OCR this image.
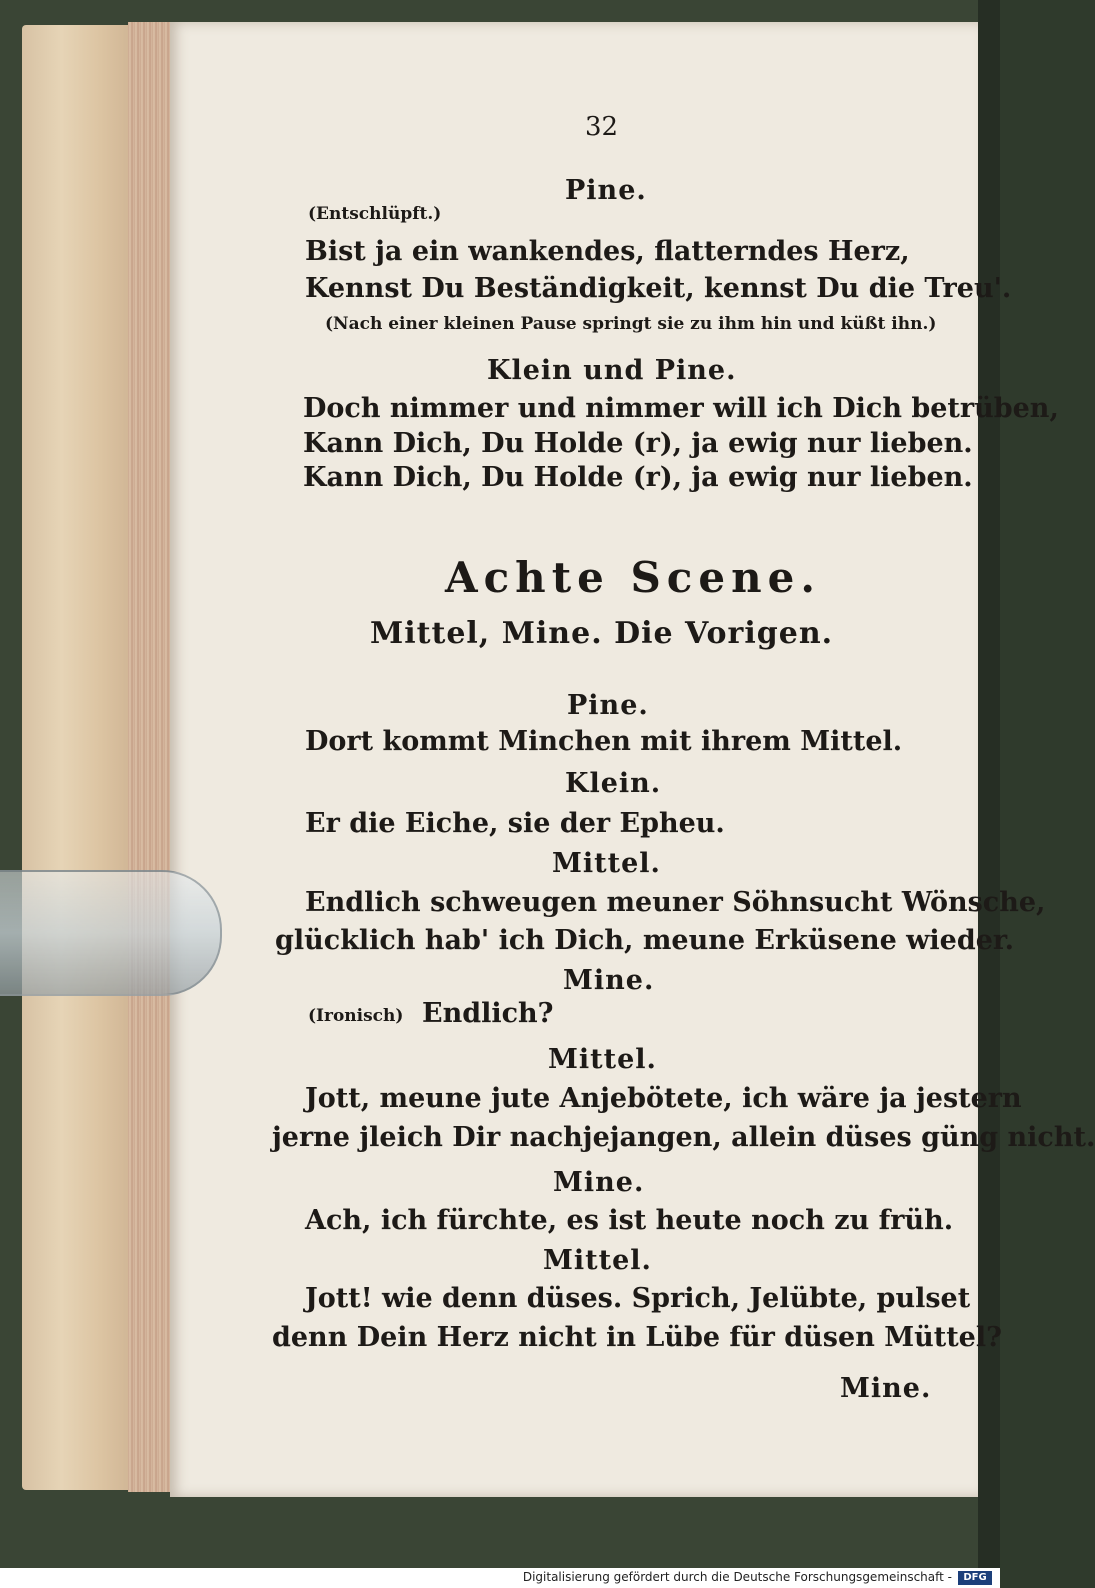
32
Pine.
(Entschlüpft.)
Bist ja ein wankendes, flatterndes Herz,
Kennst Du Beständigkeit, kennst Du die Treu'.
(Nach einer kleinen Pause springt sie zu ihm hin und küßt ihn.)
Klein und Pine.
Doch nimmer und nimmer will ich Dich betrüben,
Kann Dich, Du Holde (r), ja ewig nur lieben.
Kann Dich, Du Holde (r), ja ewig nur lieben.
Achte Scene.
Mittel, Mine. Die Vorigen.
Pine.
Dort kommt Minchen mit ihrem Mittel.
Klein.
Er die Eiche, sie der Epheu.
Mittel.
Endlich schweugen meuner Söhnsucht Wönsche,
glücklich hab' ich Dich, meune Erküsene wieder.
Mine.
(Ironisch) Endlich?
Mittel.
Jott, meune jute Anjebötete, ich wäre ja jestern
jerne jleich Dir nachjejangen, allein düses güng nicht.
Mine.
Ach, ich fürchte, es ist heute noch zu früh.
Mittel.
Jott! wie denn düses. Sprich, Jelübte, pulset
denn Dein Herz nicht in Lübe für düsen Müttel?
Mine.
Digitalisierung gefördert durch die Deutsche Forschungsgemeinschaft -	DFG
